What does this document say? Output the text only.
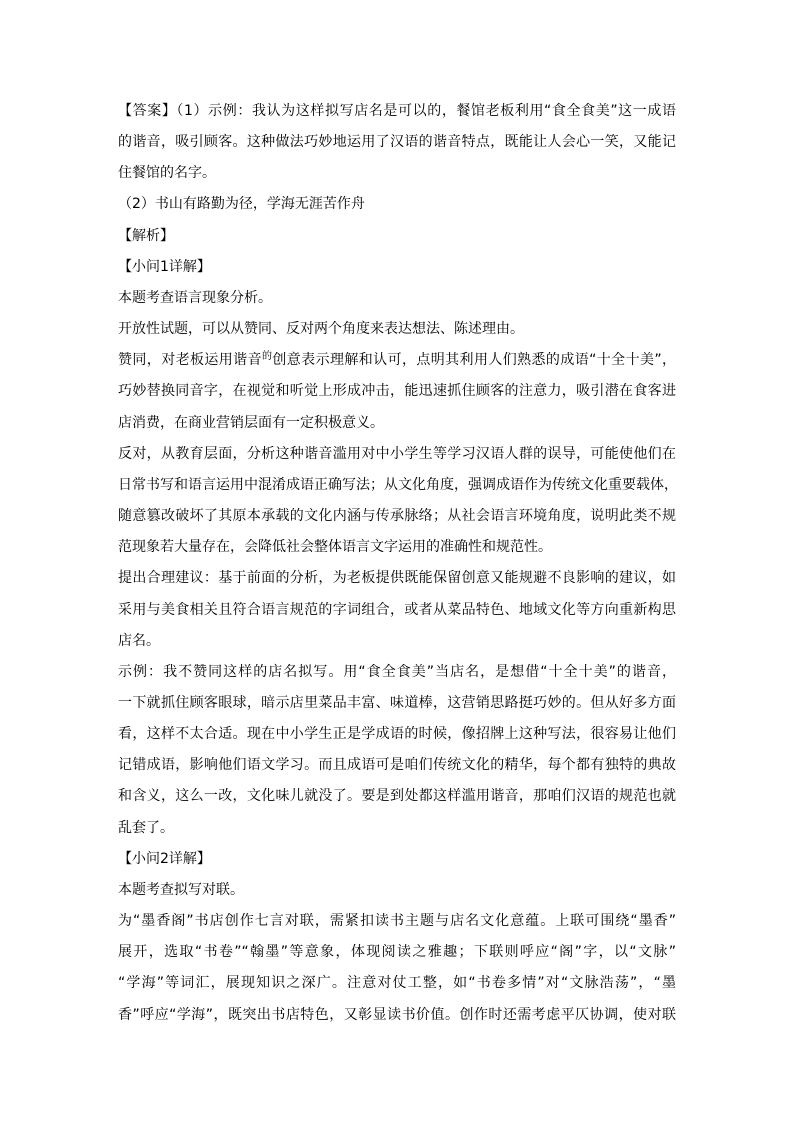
【答案】（1）示例：我认为这样拟写店名是可以的，餐馆老板利用“食全食美”这一成语
的谐音，吸引顾客。这种做法巧妙地运用了汉语的谐音特点，既能让人会心一笑，又能记
住餐馆的名字。
（2）书山有路勤为径，学海无涯苦作舟
【解析】
【小问1详解】
本题考查语言现象分析。
开放性试题，可以从赞同、反对两个角度来表达想法、陈述理由。
赞同，对老板运用谐音$^的$创意表示理解和认可，点明其利用人们熟悉的成语“十全十美”，
巧妙替换同音字，在视觉和听觉上形成冲击，能迅速抓住顾客的注意力，吸引潜在食客进
店消费，在商业营销层面有一定积极意义。
反对，从教育层面，分析这种谐音滥用对中小学生等学习汉语人群的误导，可能使他们在
日常书写和语言运用中混淆成语正确写法；从文化角度，强调成语作为传统文化重要载体，
随意篡改破坏了其原本承载的文化内涵与传承脉络；从社会语言环境角度，说明此类不规
范现象若大量存在，会降低社会整体语言文字运用的准确性和规范性。
提出合理建议：基于前面的分析，为老板提供既能保留创意又能规避不良影响的建议，如
采用与美食相关且符合语言规范的字词组合，或者从菜品特色、地域文化等方向重新构思
店名。
示例：我不赞同这样的店名拟写。用“食全食美”当店名，是想借“十全十美”的谐音，
一下就抓住顾客眼球，暗示店里菜品丰富、味道棒，这营销思路挺巧妙的。但从好多方面
看，这样不太合适。现在中小学生正是学成语的时候，像招牌上这种写法，很容易让他们
记错成语，影响他们语文学习。而且成语可是咱们传统文化的精华，每个都有独特的典故
和含义，这么一改，文化味儿就没了。要是到处都这样滥用谐音，那咱们汉语的规范也就
乱套了。
【小问2详解】
本题考查拟写对联。
为“墨香阁”书店创作七言对联，需紧扣读书主题与店名文化意蕴。上联可围绕“墨香”
展开，选取“书卷”“翰墨”等意象，体现阅读之雅趣；下联则呼应“阁”字，以“文脉”
“学海”等词汇，展现知识之深广。注意对仗工整，如“书卷多情”对“文脉浩荡”，“墨
香”呼应“学海”，既突出书店特色，又彰显读书价值。创作时还需考虑平仄协调，使对联
